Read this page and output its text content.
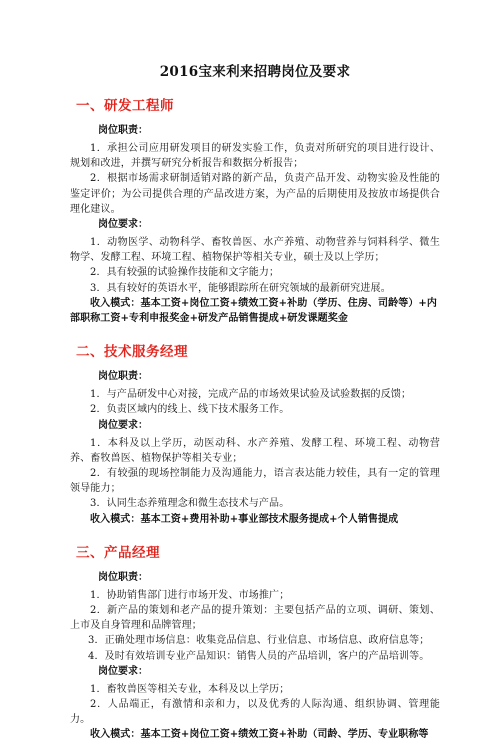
2016宝来利来招聘岗位及要求
一、研发工程师
岗位职责：

1．承担公司应用研发项目的研发实验工作，负责对所研究的项目进行设计、规划和改进，并撰写研究分析报告和数据分析报告；

2．根据市场需求研制适销对路的新产品，负责产品开发、动物实验及性能的鉴定评价；为公司提供合理的产品改进方案，为产品的后期使用及按放市场提供合理化建议。

岗位要求：

1．动物医学、动物科学、畜牧兽医、水产养殖、动物营养与饲料科学、微生物学、发酵工程、环境工程、植物保护等相关专业，硕士及以上学历；

2．具有较强的试验操作技能和文字能力；

3．具有较好的英语水平，能够跟踪所在研究领域的最新研究进展。

收入模式：基本工资+岗位工资+绩效工资+补助（学历、住房、司龄等）+内部职称工资+专利申报奖金+研发产品销售提成+研发课题奖金

二、技术服务经理
岗位职责：

1．与产品研发中心对接，完成产品的市场效果试验及试验数据的反馈；

2．负责区域内的线上、线下技术服务工作。

岗位要求：

1．本科及以上学历，动医动科、水产养殖、发酵工程、环境工程、动物营养、畜牧兽医、植物保护等相关专业；

2．有较强的现场控制能力及沟通能力，语言表达能力较佳，具有一定的管理领导能力；

3．认同生态养殖理念和微生态技术与产品。

收入模式：基本工资+费用补助+事业部技术服务提成+个人销售提成

三、产品经理
岗位职责：

1．协助销售部门进行市场开发、市场推广；

2．新产品的策划和老产品的提升策划：主要包括产品的立项、调研、策划、上市及自身管理和品牌管理；

3．正确处理市场信息：收集竞品信息、行业信息、市场信息、政府信息等；

4．及时有效培训专业产品知识：销售人员的产品培训，客户的产品培训等。

岗位要求：

1．畜牧兽医等相关专业，本科及以上学历；

2．人品端正，有激情和亲和力，以及优秀的人际沟通、组织协调、管理能力。

收入模式：基本工资+岗位工资+绩效工资+补助（司龄、学历、专业职称等
